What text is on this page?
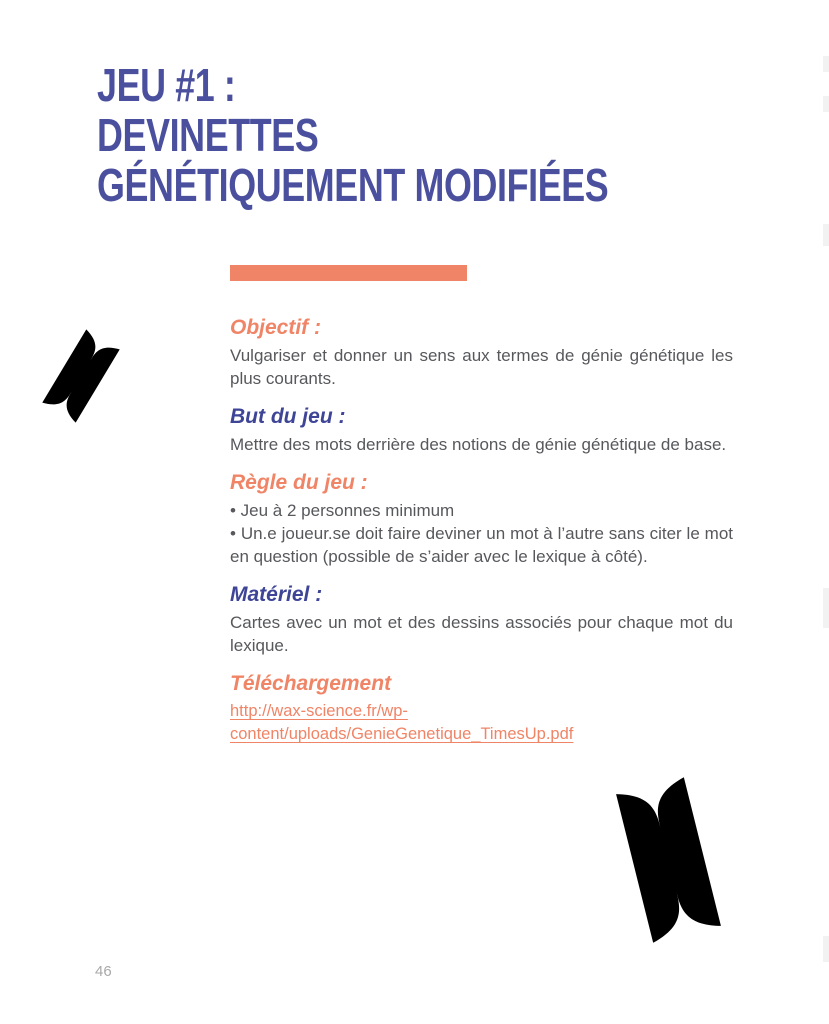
JEU #1 :
DEVINETTES
GÉNÉTIQUEMENT MODIFIÉES
Objectif :

Vulgariser et donner un sens aux termes de génie génétique les plus courants.

But du jeu :

Mettre des mots derrière des notions de génie génétique de base.

Règle du jeu :

• Jeu à 2 personnes minimum

• Un.e joueur.se doit faire deviner un mot à l’autre sans citer le mot en question (possible de s’aider avec le lexique à côté).

Matériel :

Cartes avec un mot et des dessins associés pour chaque mot du lexique.

Téléchargement
http://wax-science.fr/wp-content/uploads/GenieGenetique_TimesUp.pdf
46
